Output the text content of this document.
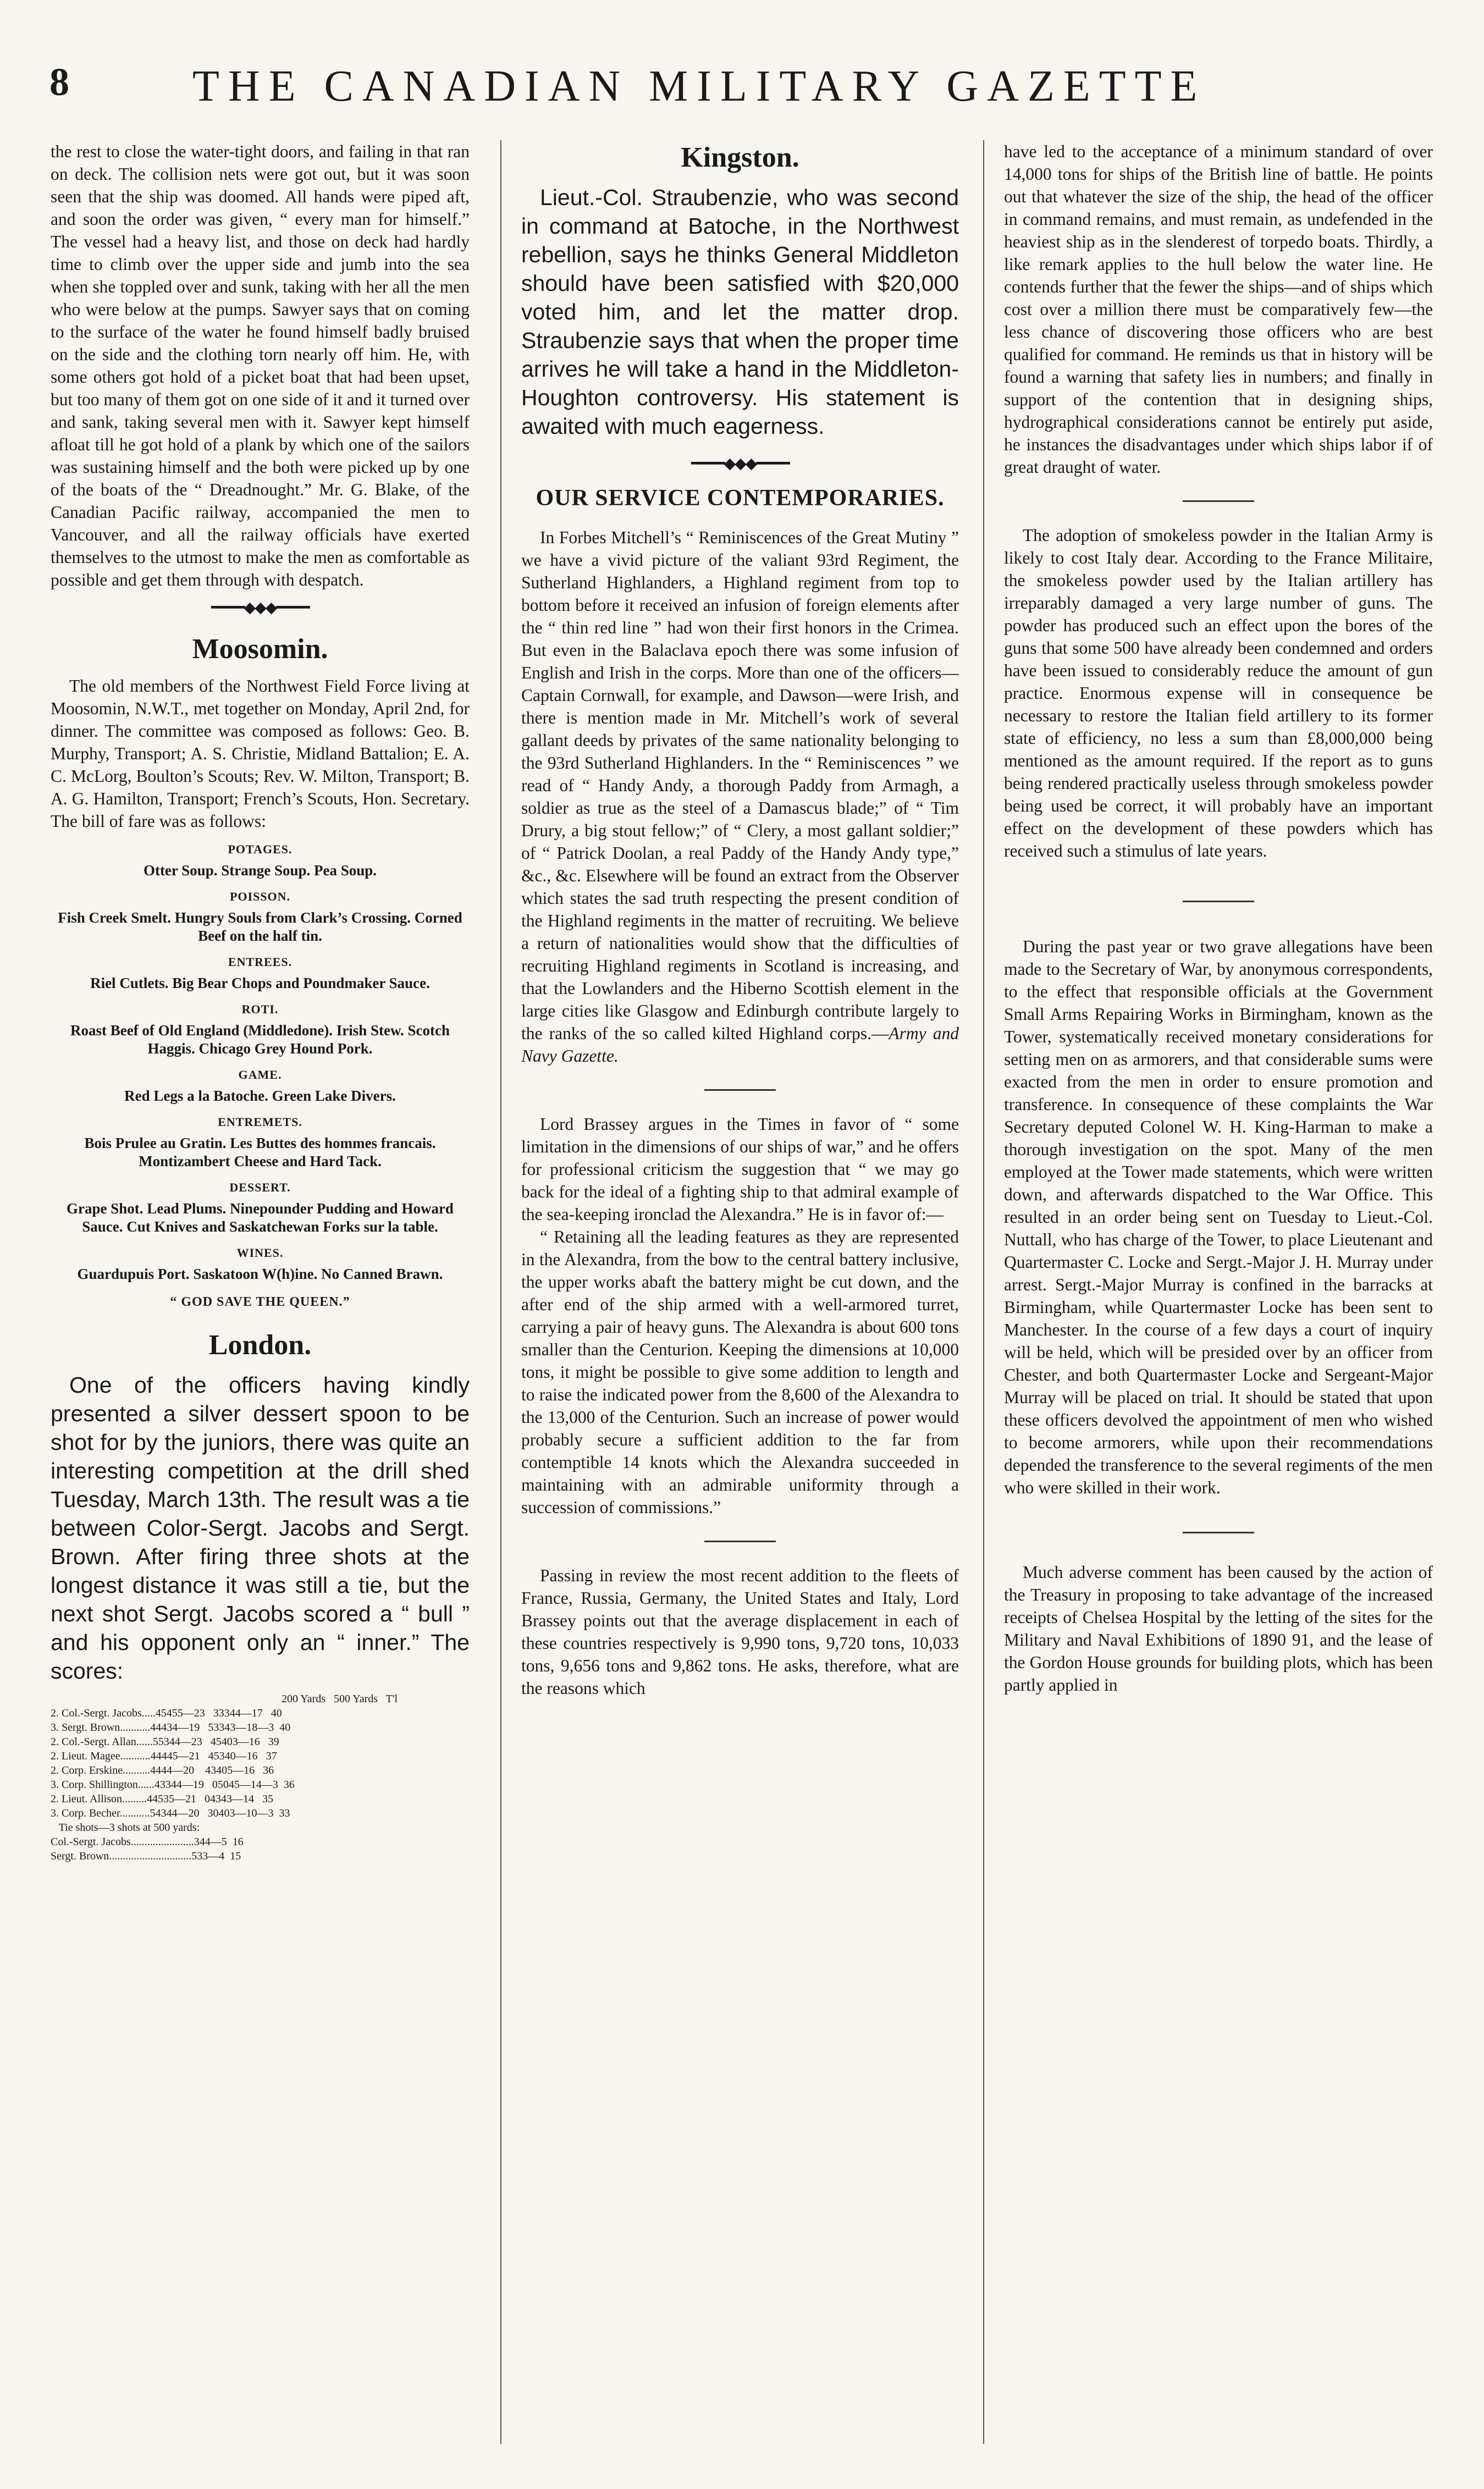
8	THE CANADIAN MILITARY GAZETTE

the rest to close the water-tight doors, and failing in that ran on deck. The collision nets were got out, but it was soon seen that the ship was doomed. All hands were piped aft, and soon the order was given, “ every man for himself.” The vessel had a heavy list, and those on deck had hardly time to climb over the upper side and jumb into the sea when she toppled over and sunk, taking with her all the men who were below at the pumps. Sawyer says that on coming to the surface of the water he found himself badly bruised on the side and the clothing torn nearly off him. He, with some others got hold of a picket boat that had been upset, but too many of them got on one side of it and it turned over and sank, taking several men with it. Sawyer kept himself afloat till he got hold of a plank by which one of the sailors was sustaining himself and the both were picked up by one of the boats of the “ Dreadnought.” Mr. G. Blake, of the Canadian Pacific railway, accompanied the men to Vancouver, and all the railway officials have exerted themselves to the utmost to make the men as comfortable as possible and get them through with despatch.

━━━━◆◆◆━━━━
Moosomin.

The old members of the Northwest Field Force living at Moosomin, N.W.T., met together on Monday, April 2nd, for dinner. The committee was composed as follows: Geo. B. Murphy, Transport; A. S. Christie, Midland Battalion; E. A. C. McLorg, Boulton’s Scouts; Rev. W. Milton, Transport; B. A. G. Hamilton, Transport; French’s Scouts, Hon. Secretary. The bill of fare was as follows:

POTAGES.
Otter Soup. Strange Soup. Pea Soup.
POISSON.
Fish Creek Smelt. Hungry Souls from Clark’s Crossing. Corned Beef on the half tin.
ENTREES.
Riel Cutlets. Big Bear Chops and Poundmaker Sauce.
ROTI.
Roast Beef of Old England (Middledone). Irish Stew. Scotch Haggis. Chicago Grey Hound Pork.
GAME.
Red Legs a la Batoche. Green Lake Divers.
ENTREMETS.
Bois Prulee au Gratin. Les Buttes des hommes francais. Montizambert Cheese and Hard Tack.
DESSERT.
Grape Shot. Lead Plums. Ninepounder Pudding and Howard Sauce. Cut Knives and Saskatchewan Forks sur la table.
WINES.
Guardupuis Port. Saskatoon W(h)ine. No Canned Brawn.
“ GOD SAVE THE QUEEN.”
London.

One of the officers having kindly presented a silver dessert spoon to be shot for by the juniors, there was quite an interesting competition at the drill shed Tuesday, March 13th. The result was a tie between Color-Sergt. Jacobs and Sergt. Brown. After firing three shots at the longest distance it was still a tie, but the next shot Sergt. Jacobs scored a “ bull ” and his opponent only an “ inner.” The scores:

200 Yards   500 Yards   T'l
2. Col.-Sergt. Jacobs.....45455—23   33344—17   40
3. Sergt. Brown...........44434—19   53343—18—3  40
2. Col.-Sergt. Allan......55344—23   45403—16   39
2. Lieut. Magee...........44445—21   45340—16   37
2. Corp. Erskine..........4444—20    43405—16   36
3. Corp. Shillington......43344—19   05045—14—3  36
2. Lieut. Allison.........44535—21   04343—14   35
3. Corp. Becher...........54344—20   30403—10—3  33
Tie shots—3 shots at 500 yards:
Col.-Sergt. Jacobs.......................344—5  16
Sergt. Brown..............................533—4  15
Kingston.

Lieut.-Col. Straubenzie, who was second in command at Batoche, in the Northwest rebellion, says he thinks General Middleton should have been satisfied with $20,000 voted him, and let the matter drop. Straubenzie says that when the proper time arrives he will take a hand in the Middleton-Houghton controversy. His statement is awaited with much eagerness.

━━━━◆◆◆━━━━
OUR SERVICE CONTEMPORARIES.

In Forbes Mitchell’s “ Reminiscences of the Great Mutiny ” we have a vivid picture of the valiant 93rd Regiment, the Sutherland Highlanders, a Highland regiment from top to bottom before it received an infusion of foreign elements after the “ thin red line ” had won their first honors in the Crimea. But even in the Balaclava epoch there was some infusion of English and Irish in the corps. More than one of the officers—Captain Cornwall, for example, and Dawson—were Irish, and there is mention made in Mr. Mitchell’s work of several gallant deeds by privates of the same nationality belonging to the 93rd Sutherland Highlanders. In the “ Reminiscences ” we read of “ Handy Andy, a thorough Paddy from Armagh, a soldier as true as the steel of a Damascus blade;” of “ Tim Drury, a big stout fellow;” of “ Clery, a most gallant soldier;” of “ Patrick Doolan, a real Paddy of the Handy Andy type,” &c., &c. Elsewhere will be found an extract from the Observer which states the sad truth respecting the present condition of the Highland regiments in the matter of recruiting. We believe a return of nationalities would show that the difficulties of recruiting Highland regiments in Scotland is increasing, and that the Lowlanders and the Hiberno Scottish element in the large cities like Glasgow and Edinburgh contribute largely to the ranks of the so called kilted Highland corps.—Army and Navy Gazette.

Lord Brassey argues in the Times in favor of “ some limitation in the dimensions of our ships of war,” and he offers for professional criticism the suggestion that “ we may go back for the ideal of a fighting ship to that admiral example of the sea-keeping ironclad the Alexandra.” He is in favor of:—

“ Retaining all the leading features as they are represented in the Alexandra, from the bow to the central battery inclusive, the upper works abaft the battery might be cut down, and the after end of the ship armed with a well-armored turret, carrying a pair of heavy guns. The Alexandra is about 600 tons smaller than the Centurion. Keeping the dimensions at 10,000 tons, it might be possible to give some addition to length and to raise the indicated power from the 8,600 of the Alexandra to the 13,000 of the Centurion. Such an increase of power would probably secure a sufficient addition to the far from contemptible 14 knots which the Alexandra succeeded in maintaining with an admirable uniformity through a succession of commissions.”

Passing in review the most recent addition to the fleets of France, Russia, Germany, the United States and Italy, Lord Brassey points out that the average displacement in each of these countries respectively is 9,990 tons, 9,720 tons, 10,033 tons, 9,656 tons and 9,862 tons. He asks, therefore, what are the reasons which

have led to the acceptance of a minimum standard of over 14,000 tons for ships of the British line of battle. He points out that whatever the size of the ship, the head of the officer in command remains, and must remain, as undefended in the heaviest ship as in the slenderest of torpedo boats. Thirdly, a like remark applies to the hull below the water line. He contends further that the fewer the ships—and of ships which cost over a million there must be comparatively few—the less chance of discovering those officers who are best qualified for command. He reminds us that in history will be found a warning that safety lies in numbers; and finally in support of the contention that in designing ships, hydrographical considerations cannot be entirely put aside, he instances the disadvantages under which ships labor if of great draught of water.

The adoption of smokeless powder in the Italian Army is likely to cost Italy dear. According to the France Militaire, the smokeless powder used by the Italian artillery has irreparably damaged a very large number of guns. The powder has produced such an effect upon the bores of the guns that some 500 have already been condemned and orders have been issued to considerably reduce the amount of gun practice. Enormous expense will in consequence be necessary to restore the Italian field artillery to its former state of efficiency, no less a sum than £8,000,000 being mentioned as the amount required. If the report as to guns being rendered practically useless through smokeless powder being used be correct, it will probably have an important effect on the development of these powders which has received such a stimulus of late years.

During the past year or two grave allegations have been made to the Secretary of War, by anonymous correspondents, to the effect that responsible officials at the Government Small Arms Repairing Works in Birmingham, known as the Tower, systematically received monetary considerations for setting men on as armorers, and that considerable sums were exacted from the men in order to ensure promotion and transference. In consequence of these complaints the War Secretary deputed Colonel W. H. King-Harman to make a thorough investigation on the spot. Many of the men employed at the Tower made statements, which were written down, and afterwards dispatched to the War Office. This resulted in an order being sent on Tuesday to Lieut.-Col. Nuttall, who has charge of the Tower, to place Lieutenant and Quartermaster C. Locke and Sergt.-Major J. H. Murray under arrest. Sergt.-Major Murray is confined in the barracks at Birmingham, while Quartermaster Locke has been sent to Manchester. In the course of a few days a court of inquiry will be held, which will be presided over by an officer from Chester, and both Quartermaster Locke and Sergeant-Major Murray will be placed on trial. It should be stated that upon these officers devolved the appointment of men who wished to become armorers, while upon their recommendations depended the transference to the several regiments of the men who were skilled in their work.

Much adverse comment has been caused by the action of the Treasury in proposing to take advantage of the increased receipts of Chelsea Hospital by the letting of the sites for the Military and Naval Exhibitions of 1890 91, and the lease of the Gordon House grounds for building plots, which has been partly applied in
